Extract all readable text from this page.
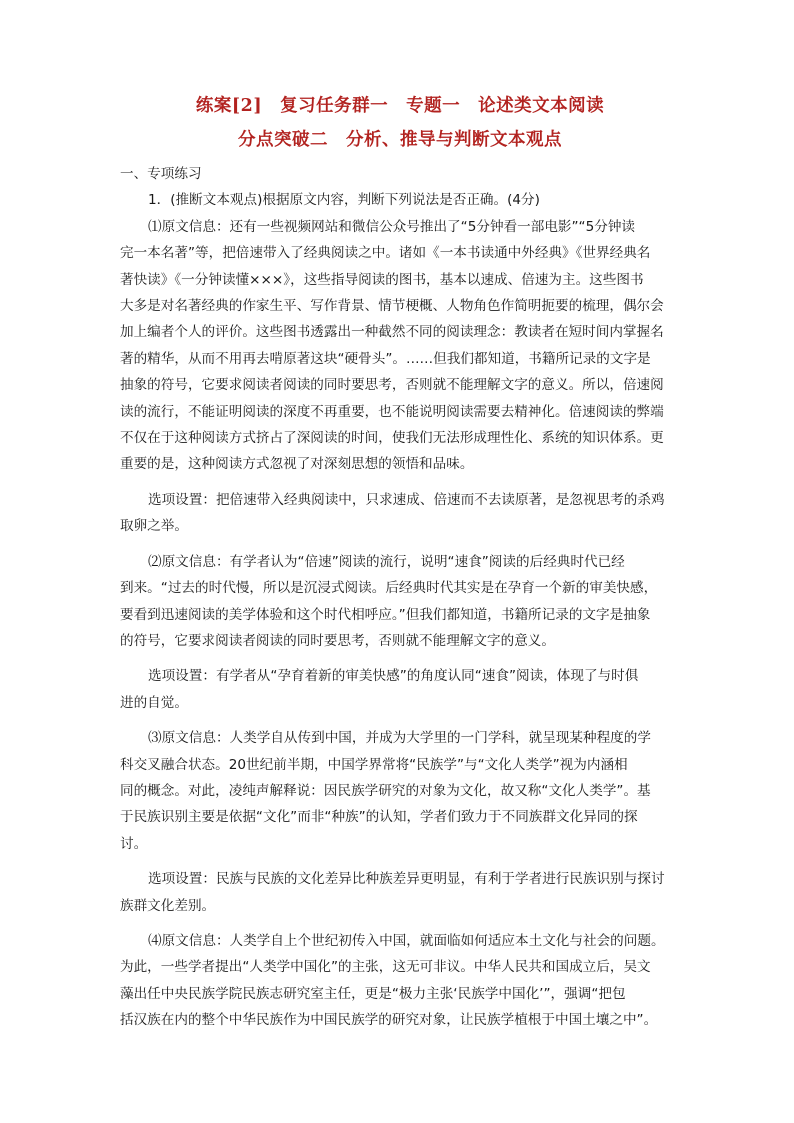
练案[2]　复习任务群一　专题一　论述类文本阅读
分点突破二　分析、推导与判断文本观点

一、专项练习

1．(推断文本观点)根据原文内容，判断下列说法是否正确。(4分)

⑴原文信息：还有一些视频网站和微信公众号推出了“5分钟看一部电影”“5分钟读

完一本名著”等，把倍速带入了经典阅读之中。诸如《一本书读通中外经典》《世界经典名

著快读》《一分钟读懂×××》，这些指导阅读的图书，基本以速成、倍速为主。这些图书

大多是对名著经典的作家生平、写作背景、情节梗概、人物角色作简明扼要的梳理，偶尔会

加上编者个人的评价。这些图书透露出一种截然不同的阅读理念：教读者在短时间内掌握名

著的精华，从而不用再去啃原著这块“硬骨头”。……但我们都知道，书籍所记录的文字是

抽象的符号，它要求阅读者阅读的同时要思考，否则就不能理解文字的意义。所以，倍速阅

读的流行，不能证明阅读的深度不再重要，也不能说明阅读需要去精神化。倍速阅读的弊端

不仅在于这种阅读方式挤占了深阅读的时间，使我们无法形成理性化、系统的知识体系。更

重要的是，这种阅读方式忽视了对深刻思想的领悟和品味。

选项设置：把倍速带入经典阅读中，只求速成、倍速而不去读原著，是忽视思考的杀鸡

取卵之举。

⑵原文信息：有学者认为“倍速”阅读的流行，说明“速食”阅读的后经典时代已经

到来。“过去的时代慢，所以是沉浸式阅读。后经典时代其实是在孕育一个新的审美快感，

要看到迅速阅读的美学体验和这个时代相呼应。”但我们都知道，书籍所记录的文字是抽象

的符号，它要求阅读者阅读的同时要思考，否则就不能理解文字的意义。

选项设置：有学者从“孕育着新的审美快感”的角度认同“速食”阅读，体现了与时俱

进的自觉。

⑶原文信息：人类学自从传到中国，并成为大学里的一门学科，就呈现某种程度的学

科交叉融合状态。20世纪前半期，中国学界常将“民族学”与“文化人类学”视为内涵相

同的概念。对此，凌纯声解释说：因民族学研究的对象为文化，故又称“文化人类学”。基

于民族识别主要是依据“文化”而非“种族”的认知，学者们致力于不同族群文化异同的探

讨。

选项设置：民族与民族的文化差异比种族差异更明显，有利于学者进行民族识别与探讨

族群文化差别。

⑷原文信息：人类学自上个世纪初传入中国，就面临如何适应本土文化与社会的问题。

为此，一些学者提出“人类学中国化”的主张，这无可非议。中华人民共和国成立后，吴文

藻出任中央民族学院民族志研究室主任，更是“极力主张‘民族学中国化’”，强调“把包

括汉族在内的整个中华民族作为中国民族学的研究对象，让民族学植根于中国土壤之中”。
